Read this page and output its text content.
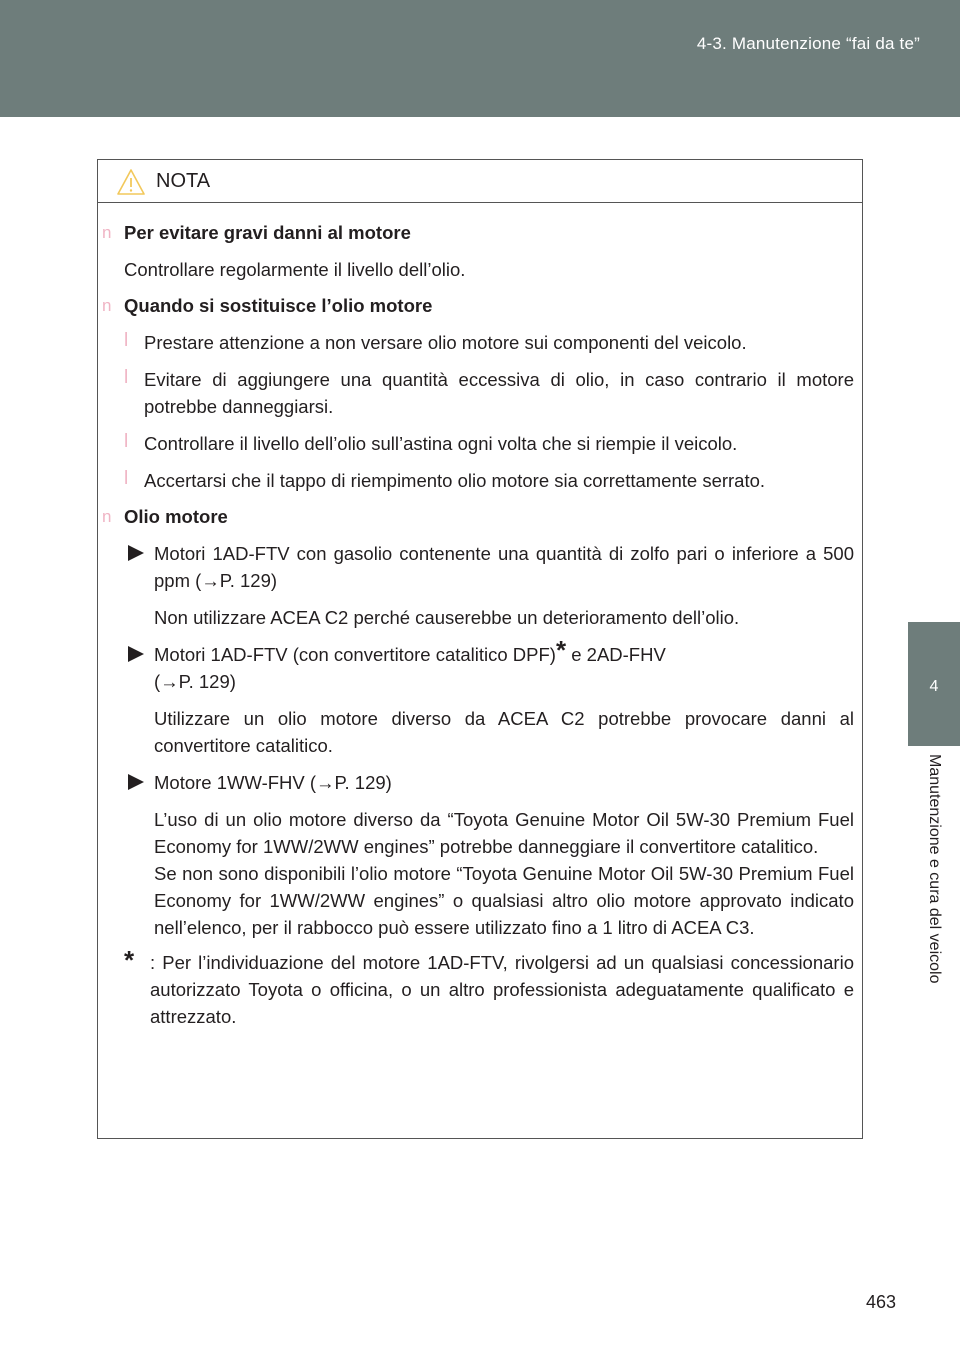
4-3. Manutenzione “fai da te”
4
Manutenzione e cura del veicolo
NOTA

n Per evitare gravi danni al motore

Controllare regolarmente il livello dell’olio.

n Quando si sostituisce l’olio motore

l Prestare attenzione a non versare olio motore sui componenti del veicolo.

l Evitare di aggiungere una quantità eccessiva di olio, in caso contrario il motore potrebbe danneggiarsi.

l Controllare il livello dell’olio sull’astina ogni volta che si riempie il veicolo.

l Accertarsi che il tappo di riempimento olio motore sia correttamente serrato.

n Olio motore

Motori 1AD-FTV con gasolio contenente una quantità di zolfo pari o inferiore a 500 ppm (→P. 129)

Non utilizzare ACEA C2 perché causerebbe un deterioramento dell’olio.

Motori 1AD-FTV (con convertitore catalitico DPF)* e 2AD-FHV
(→P. 129)

Utilizzare un olio motore diverso da ACEA C2 potrebbe provocare danni al convertitore catalitico.

Motore 1WW-FHV (→P. 129)

L’uso di un olio motore diverso da “Toyota Genuine Motor Oil 5W-30 Premium Fuel Economy for 1WW/2WW engines” potrebbe danneggiare il convertitore catalitico.

Se non sono disponibili l’olio motore “Toyota Genuine Motor Oil 5W-30 Premium Fuel Economy for 1WW/2WW engines” o qualsiasi altro olio motore approvato indicato nell’elenco, per il rabbocco può essere utilizzato fino a 1 litro di ACEA C3.

* : Per l’individuazione del motore 1AD-FTV, rivolgersi ad un qualsiasi concessionario autorizzato Toyota o officina, o un altro professionista adeguatamente qualificato e attrezzato.

463
